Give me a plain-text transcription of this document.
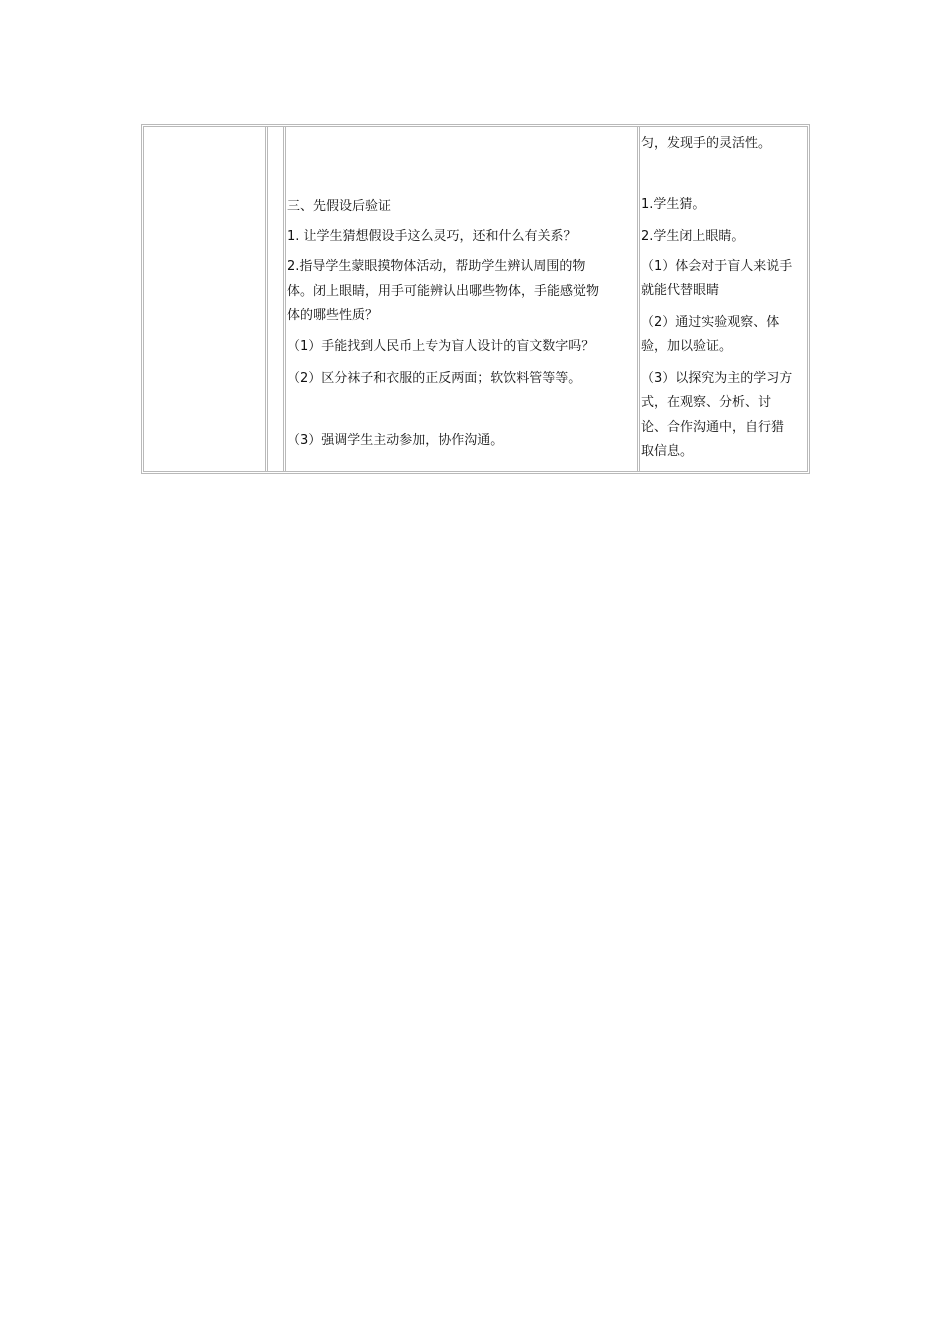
三、先假设后验证
1. 让学生猜想假设手这么灵巧，还和什么有关系？
2.指导学生蒙眼摸物体活动，帮助学生辨认周围的物
体。闭上眼睛，用手可能辨认出哪些物体，手能感觉物
体的哪些性质？
（1）手能找到人民币上专为盲人设计的盲文数字吗？
（2）区分袜子和衣服的正反两面；软饮料管等等。
（3）强调学生主动参加，协作沟通。
匀，发现手的灵活性。
1.学生猜。
2.学生闭上眼睛。
（1）体会对于盲人来说手
就能代替眼睛
（2）通过实验观察、体
验，加以验证。
（3）以探究为主的学习方
式，在观察、分析、讨
论、合作沟通中，自行猎
取信息。
